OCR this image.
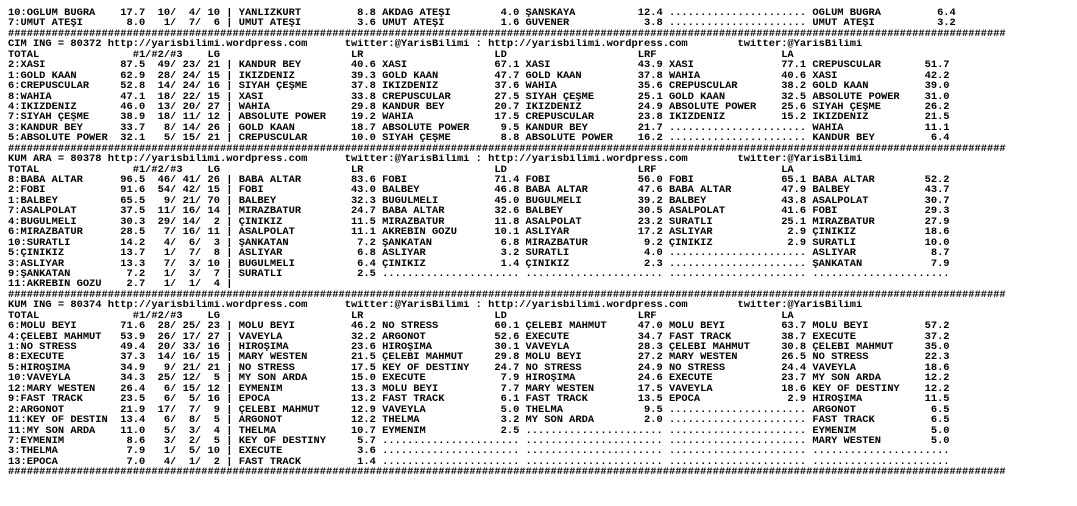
10:OĞLUM BUĞRA    17.7  10/  4/ 10 | YANLIZKURT         8.8 AKDAĞ ATEŞİ        4.0 ŞANSKAYA          12.4 ...................... OĞLUM BUĞRA         6.4
7:UMUT ATEŞİ       8.0   1/  7/  6 | UMUT ATEŞİ         3.6 UMUT ATEŞİ         1.6 GÜVENER            3.8 ...................... UMUT ATEŞİ          3.2
################################################################################################################################################################
CIM ING = 80372 http://yarisbilimi.wordpress.com      twitter:@YarisBilimi : http://yarisbilimi.wordpress.com        twitter:@YarisBilimi
TOTAL               #1/#2/#3    LG                     LR                     LD                     LRF                    LA
2:XASI            87.5  49/ 23/ 21 | KANDUR BEY        40.6 XASI              67.1 XASI              43.9 XASI              77.1 CREPUSCULAR       51.7
1:GOLD KAAN       62.9  28/ 24/ 15 | İKİZDENİZ         39.3 GOLD KAAN         47.7 GOLD KAAN         37.8 WAHIA             40.6 XASI              42.2
6:CREPUSCULAR     52.8  14/ 24/ 16 | SİYAH ÇEŞME       37.8 İKİZDENİZ         37.6 WAHIA             35.6 CREPUSCULAR       38.2 GOLD KAAN         39.0
8:WAHIA           47.1  18/ 22/ 15 | XASI              33.8 CREPUSCULAR       27.5 SİYAH ÇEŞME       25.1 GOLD KAAN         32.5 ABSOLUTE POWER    31.0
4:İKİZDENİZ       46.0  13/ 20/ 27 | WAHIA             29.8 KANDUR BEY        20.7 İKİZDENİZ         24.9 ABSOLUTE POWER    25.6 SİYAH ÇEŞME       26.2
7:SİYAH ÇEŞME     38.9  18/ 11/ 12 | ABSOLUTE POWER    19.2 WAHIA             17.5 CREPUSCULAR       23.8 İKİZDENİZ         15.2 İKİZDENİZ         21.5
3:KANDUR BEY      33.7   8/ 14/ 26 | GOLD KAAN         18.7 ABSOLUTE POWER     9.5 KANDUR BEY        21.7 ...................... WAHIA             11.1
5:ABSOLUTE POWER  32.1   5/ 15/ 21 | CREPUSCULAR       10.0 SİYAH ÇEŞME        8.8 ABSOLUTE POWER    16.2 ...................... KANDUR BEY         6.4
################################################################################################################################################################
KUM ARA = 80378 http://yarisbilimi.wordpress.com      twitter:@YarisBilimi : http://yarisbilimi.wordpress.com        twitter:@YarisBilimi
TOTAL               #1/#2/#3    LG                     LR                     LD                     LRF                    LA
8:BABA ALTAR      96.5  46/ 41/ 26 | BABA ALTAR        83.6 FOBİ              71.4 FOBİ              56.0 FOBİ              65.1 BABA ALTAR        52.2
2:FOBİ            91.6  54/ 42/ 15 | FOBİ              43.0 BALBEY            46.8 BABA ALTAR        47.6 BABA ALTAR        47.9 BALBEY            43.7
1:BALBEY          65.5   9/ 21/ 70 | BALBEY            32.3 BÜĞÜLMELİ         45.0 BÜĞÜLMELİ         39.2 BALBEY            43.8 ASALPOLAT         30.7
7:ASALPOLAT       37.5  11/ 16/ 14 | MİRAZBATUR        24.7 BABA ALTAR        32.6 BALBEY            30.5 ASALPOLAT         41.6 FOBİ              29.3
4:BÜĞÜLMELİ       30.3  29/ 14/  2 | ÇİNİKIZ           11.5 MİRAZBATUR        11.8 ASALPOLAT         23.2 SÜRATLİ           25.1 MİRAZBATUR        27.9
6:MİRAZBATUR      28.5   7/ 16/ 11 | ASALPOLAT         11.1 AKREBİN GÖZÜ      10.1 ASLIYAR           17.2 ASLIYAR            2.9 ÇİNİKIZ           18.6
10:SÜRATLİ        14.2   4/  6/  3 | ŞANKATAN           7.2 ŞANKATAN           6.8 MİRAZBATUR         9.2 ÇİNİKIZ            2.9 SÜRATLİ           10.0
5:ÇİNİKIZ         13.7   1/  7/  8 | ASLIYAR            6.8 ASLIYAR            3.2 SÜRATLİ            4.0 ...................... ASLIYAR            8.7
3:ASLIYAR         13.3   7/  3/ 10 | BÜĞÜLMELİ          6.4 ÇİNİKIZ            1.4 ÇİNİKIZ            2.3 ...................... ŞANKATAN           7.9
9:ŞANKATAN         7.2   1/  3/  7 | SÜRATLİ            2.5 ...................... ...................... ...................... ......................
11:AKREBİN GÖZÜ    2.7   1/  1/  4 |
################################################################################################################################################################
KUM ING = 80374 http://yarisbilimi.wordpress.com      twitter:@YarisBilimi : http://yarisbilimi.wordpress.com        twitter:@YarisBilimi
TOTAL               #1/#2/#3    LG                     LR                     LD                     LRF                    LA
6:MOLU BEYİ       71.6  28/ 25/ 23 | MOLU BEYİ         46.2 NO STRESS         60.1 ÇELEBİ MAHMUT     47.0 MOLU BEYİ         63.7 MOLU BEYİ         57.2
4:ÇELEBİ MAHMUT   53.9  26/ 17/ 27 | VAVEYLA           32.2 ARGONOT           52.6 EXECUTE           34.7 FAST TRACK        38.7 EXECUTE           37.2
1:NO STRESS       49.4  20/ 33/ 16 | HİROŞİMA          23.6 HİROŞİMA          30.1 VAVEYLA           28.3 ÇELEBİ MAHMUT     30.8 ÇELEBİ MAHMUT     35.0
8:EXECUTE         37.3  14/ 16/ 15 | MARY WESTEN       21.5 ÇELEBİ MAHMUT     29.8 MOLU BEYİ         27.2 MARY WESTEN       26.5 NO STRESS         22.3
5:HİROŞİMA        34.9   9/ 21/ 21 | NO STRESS         17.5 KEY OF DESTINY    24.7 NO STRESS         24.9 NO STRESS         24.4 VAVEYLA           18.6
10:VAVEYLA        34.3  25/ 12/  5 | MY SON ARDA       15.0 EXECUTE            7.9 HİROŞİMA          24.6 EXECUTE           23.7 MY SON ARDA       12.2
12:MARY WESTEN    26.4   6/ 15/ 12 | EYMENİM           13.3 MOLU BEYİ          7.7 MARY WESTEN       17.5 VAVEYLA           18.6 KEY OF DESTINY    12.2
9:FAST TRACK      23.5   6/  5/ 16 | EPOCA             13.2 FAST TRACK         6.1 FAST TRACK        13.5 EPOCA              2.9 HİROŞİMA          11.5
2:ARGONOT         21.9  17/  7/  9 | ÇELEBİ MAHMUT     12.9 VAVEYLA            5.0 THELMA             9.5 ...................... ARGONOT            6.5
11:KEY OF DESTIN  13.4   6/  8/  5 | ARGONOT           12.2 THELMA             3.2 MY SON ARDA        2.0 ...................... FAST TRACK         6.5
11:MY SON ARDA    11.0   5/  3/  4 | THELMA            10.7 EYMENİM            2.5 ...................... ...................... EYMENİM            5.0
7:EYMENİM          8.6   3/  2/  5 | KEY OF DESTINY     5.7 ...................... ...................... ...................... MARY WESTEN        5.0
3:THELMA           7.9   1/  5/ 10 | EXECUTE            3.6 ...................... ...................... ...................... ......................
13:EPOCA           7.0   4/  1/  2 | FAST TRACK         1.4 ...................... ...................... ...................... ......................
################################################################################################################################################################
